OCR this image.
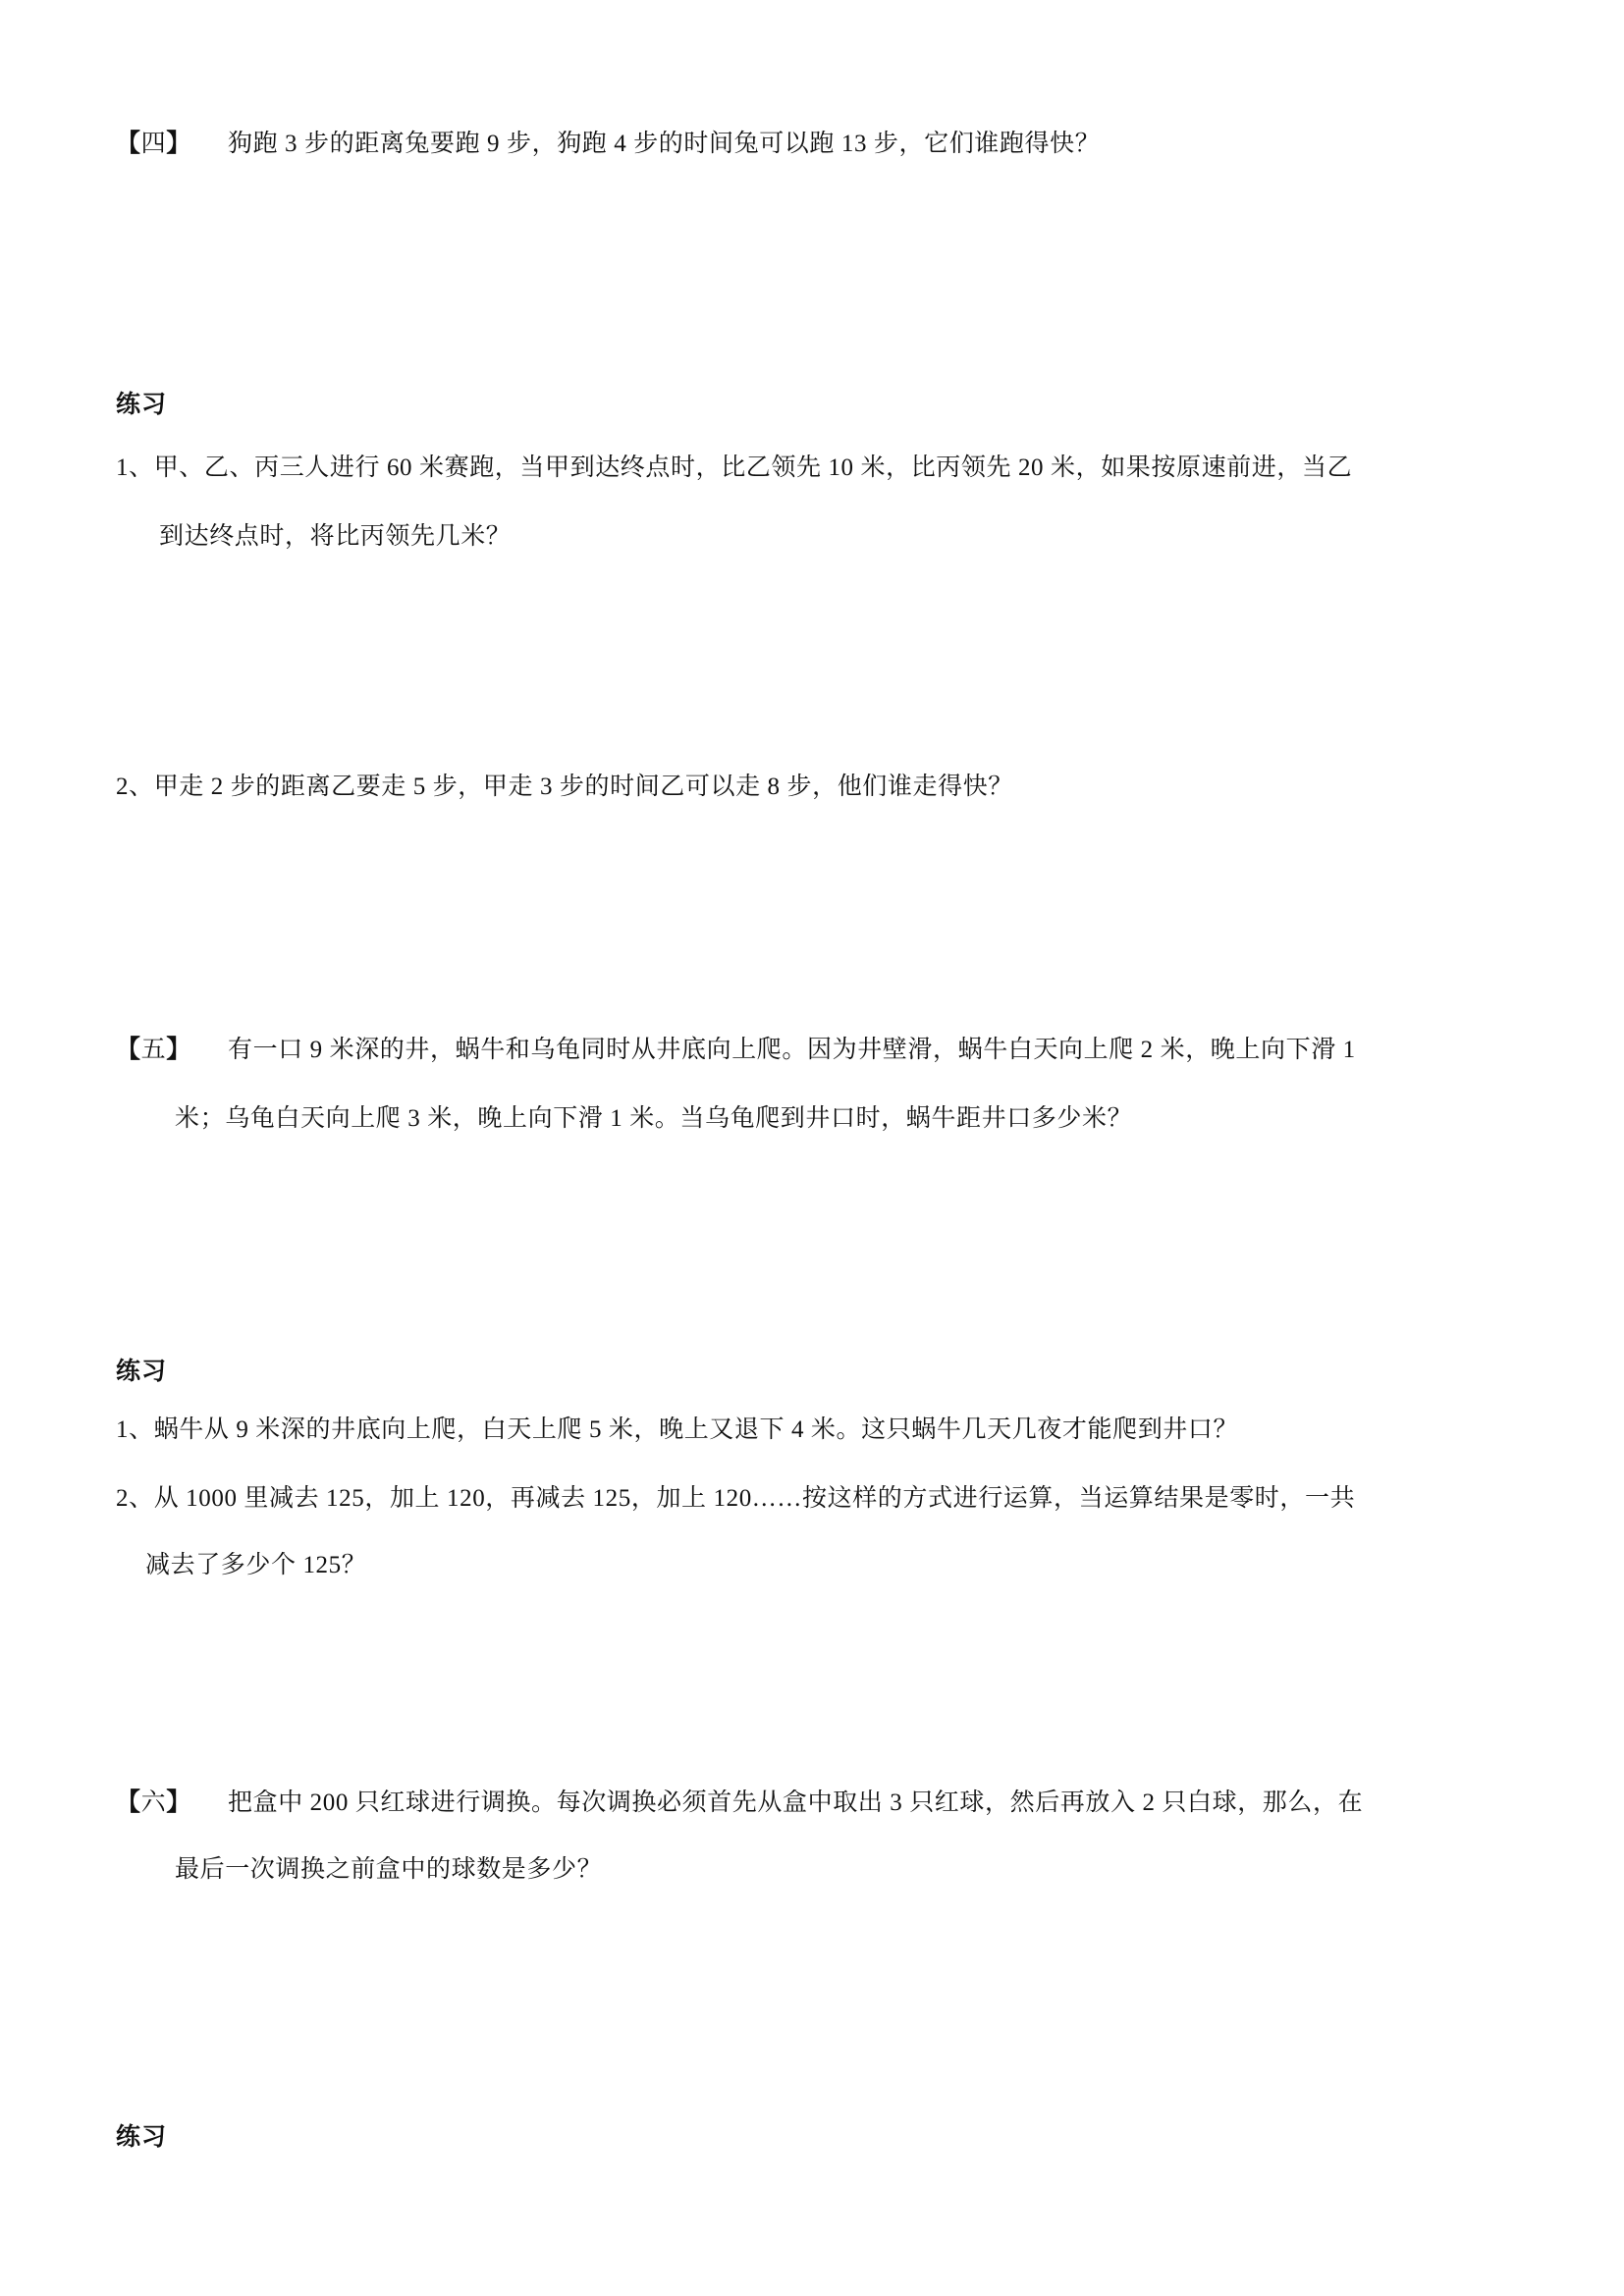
【四】 狗跑 3 步的距离兔要跑 9 步，狗跑 4 步的时间兔可以跑 13 步，它们谁跑得快？
练习
1、甲、乙、丙三人进行 60 米赛跑，当甲到达终点时，比乙领先 10 米，比丙领先 20 米，如果按原速前进，当乙
到达终点时，将比丙领先几米？
2、甲走 2 步的距离乙要走 5 步，甲走 3 步的时间乙可以走 8 步，他们谁走得快？
【五】 有一口 9 米深的井，蜗牛和乌龟同时从井底向上爬。因为井壁滑，蜗牛白天向上爬 2 米，晚上向下滑 1
米；乌龟白天向上爬 3 米，晚上向下滑 1 米。当乌龟爬到井口时，蜗牛距井口多少米？
练习
1、蜗牛从 9 米深的井底向上爬，白天上爬 5 米，晚上又退下 4 米。这只蜗牛几天几夜才能爬到井口？
2、从 1000 里减去 125，加上 120，再减去 125，加上 120……按这样的方式进行运算，当运算结果是零时，一共
减去了多少个 125？
【六】 把盒中 200 只红球进行调换。每次调换必须首先从盒中取出 3 只红球，然后再放入 2 只白球，那么，在
最后一次调换之前盒中的球数是多少？
练习
